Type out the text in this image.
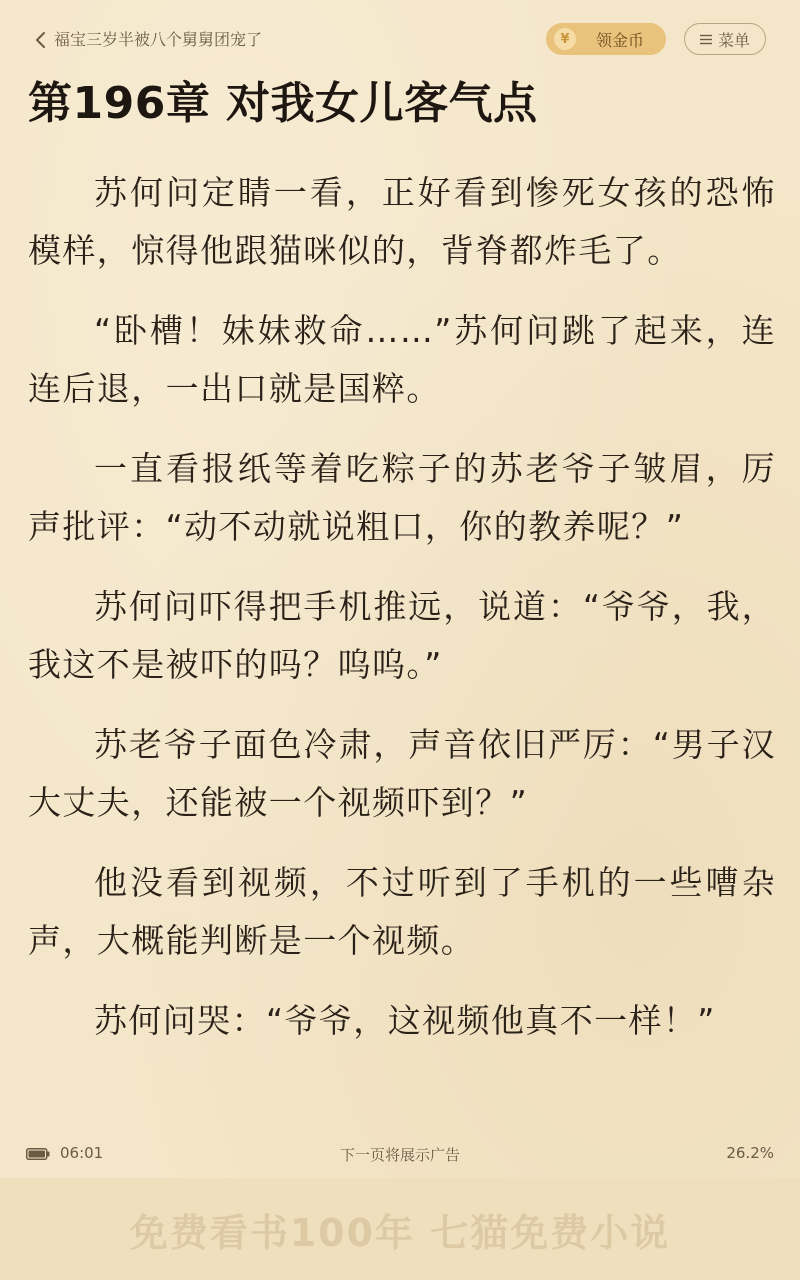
福宝三岁半被八个舅舅团宠了	¥	领金币	菜单
第196章 对我女儿客气点

苏何问定睛一看，正好看到惨死女孩的恐怖模样，惊得他跟猫咪似的，背脊都炸毛了。

“卧槽！妹妹救命……”苏何问跳了起来，连连后退，一出口就是国粹。

一直看报纸等着吃粽子的苏老爷子皱眉，厉声批评：“动不动就说粗口，你的教养呢？”

苏何问吓得把手机推远，说道：“爷爷，我，我这不是被吓的吗？呜呜。”

苏老爷子面色冷肃，声音依旧严厉：“男子汉大丈夫，还能被一个视频吓到？”

他没看到视频，不过听到了手机的一些嘈杂声，大概能判断是一个视频。

苏何问哭：“爷爷，这视频他真不一样！”

06:01	下一页将展示广告	26.2%
免费看书100年 七猫免费小说
